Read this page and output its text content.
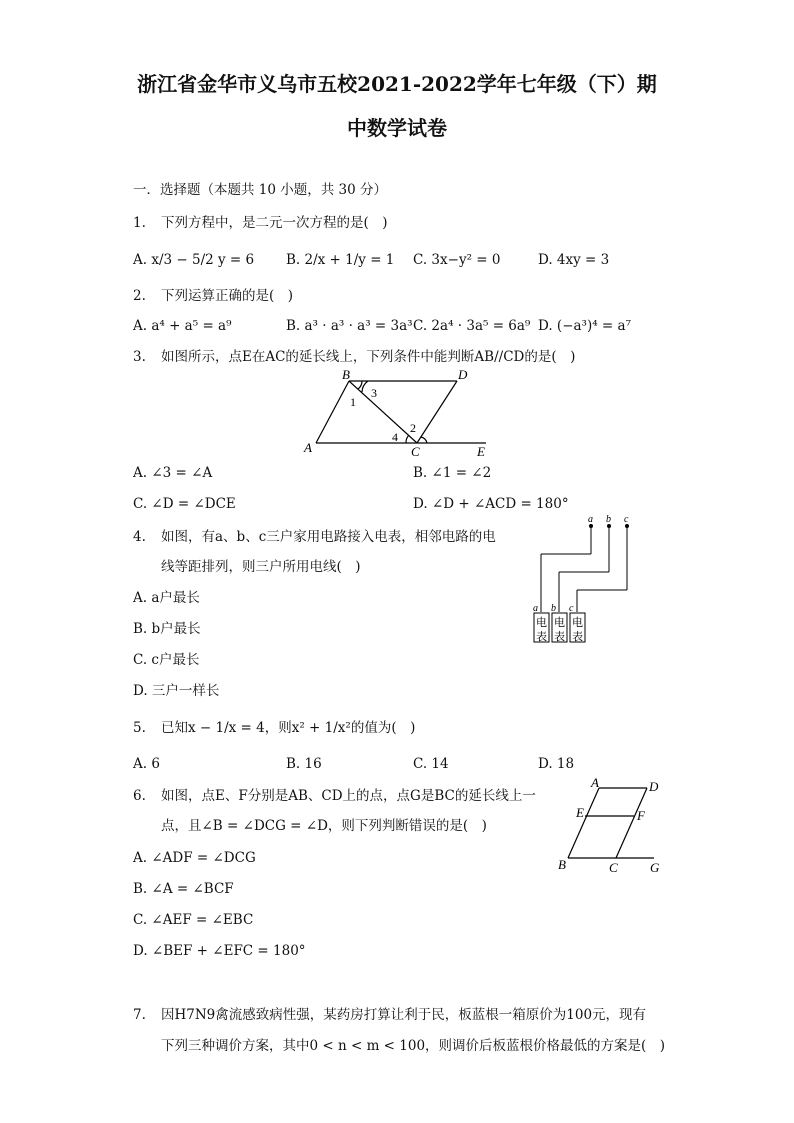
浙江省金华市义乌市五校2021-2022学年七年级（下）期
中数学试卷
一．选择题（本题共 10 小题，共 30 分）
1. 下列方程中，是二元一次方程的是(　)
A. x/3 − 5/2 y = 6 B. 2/x + 1/y = 1 C. 3x−y² = 0	D. 4xy = 3
2. 下列运算正确的是(　)
A. a⁴ + a⁵ = a⁹	B. a³ · a³ · a³ = 3a³ C. 2a⁴ · 3a⁵ = 6a⁹ D. (−a³)⁴ = a⁷
3. 如图所示，点E在AC的延长线上，下列条件中能判断AB//CD的是(　)
B	D
A	C	E
1
3
2
4
A. ∠3 = ∠A	B. ∠1 = ∠2
C. ∠D = ∠DCE	D. ∠D + ∠ACD = 180°
4. 如图，有a、b、c三户家用电路接入电表，相邻电路的电
线等距排列，则三户所用电线(　)
a b c
a b c
电
表
电
表
电
表
A. a户最长
B. b户最长
C. c户最长
D. 三户一样长
5. 已知x − 1/x = 4，则x² + 1/x²的值为(　)
A. 6	B. 16	C. 14	D. 18
6. 如图，点E、F分别是AB、CD上的点，点G是BC的延长线上一
点，且∠B = ∠DCG = ∠D，则下列判断错误的是(　)
A	D
E	F
B	C G
A. ∠ADF = ∠DCG
B. ∠A = ∠BCF
C. ∠AEF = ∠EBC
D. ∠BEF + ∠EFC = 180°
7. 因H7N9禽流感致病性强，某药房打算让利于民，板蓝根一箱原价为100元，现有
下列三种调价方案，其中0 < n < m < 100，则调价后板蓝根价格最低的方案是(　)
